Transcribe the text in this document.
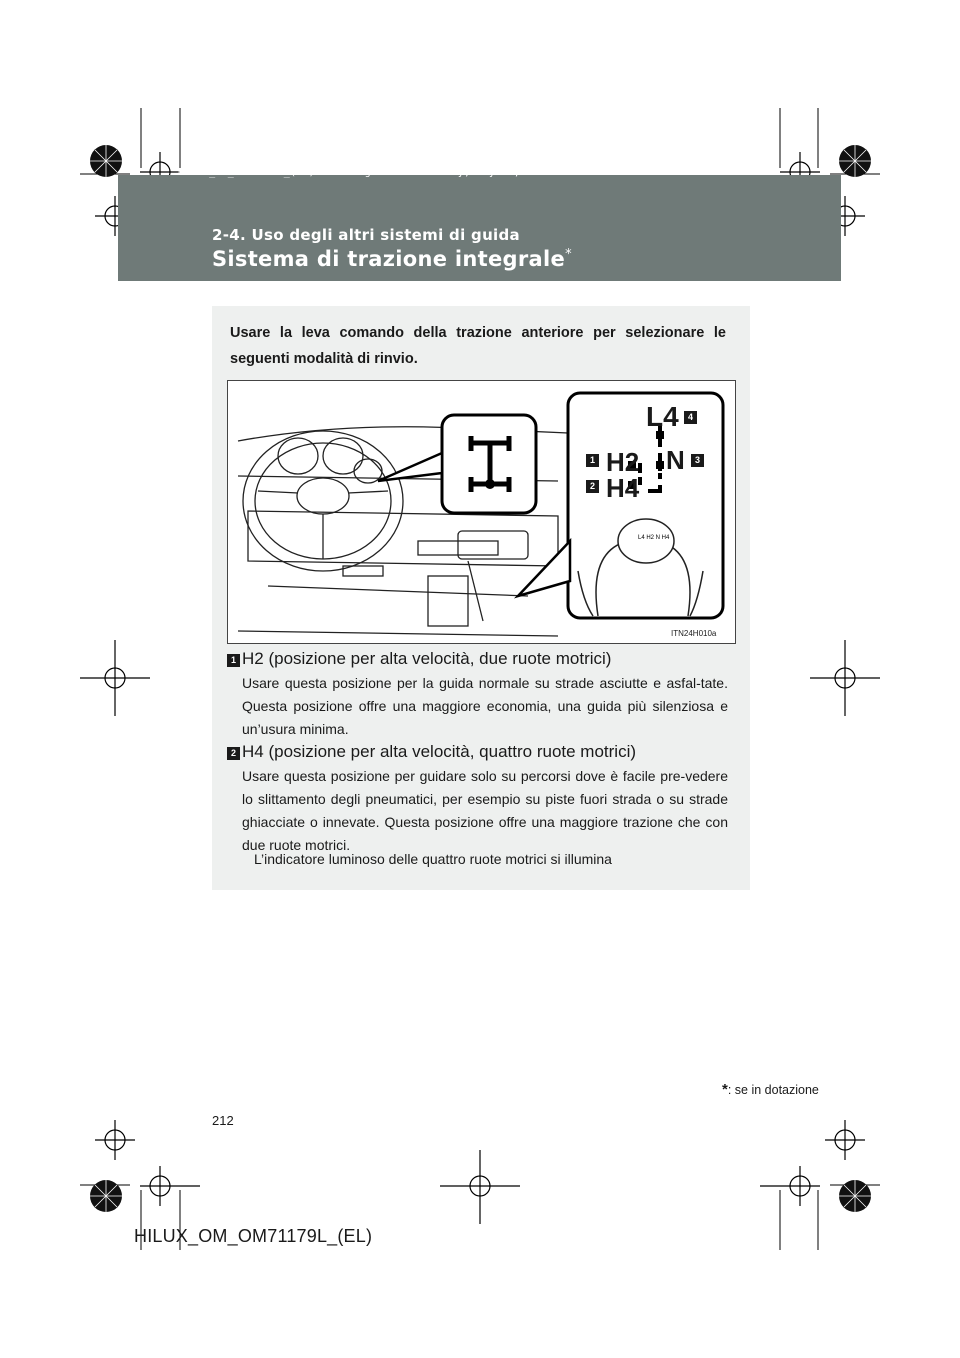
HILUX_OM_OM71179L_(EL).book Page 212 Wednesday, May 16, 2012 11:37 AM
2-4. Uso degli altri sistemi di guida
Sistema di trazione integrale*
Usare la leva comando della trazione anteriore per selezionare le seguenti modalità di rinvio.
L4 H2 N H4
L4
H2 N
H4
1
2
3
4
ITN24H010a
1 H2 (posizione per alta velocità, due ruote motrici)
Usare questa posizione per la guida normale su strade asciutte e asfal-tate. Questa posizione offre una maggiore economia, una guida più silenziosa e un’usura minima.
2 H4 (posizione per alta velocità, quattro ruote motrici)
Usare questa posizione per guidare solo su percorsi dove è facile pre-vedere lo slittamento degli pneumatici, per esempio su piste fuori strada o su strade ghiacciate o innevate. Questa posizione offre una maggiore trazione che con due ruote motrici.
L’indicatore luminoso delle quattro ruote motrici si illumina
*: se in dotazione
212
HILUX_OM_OM71179L_(EL)
